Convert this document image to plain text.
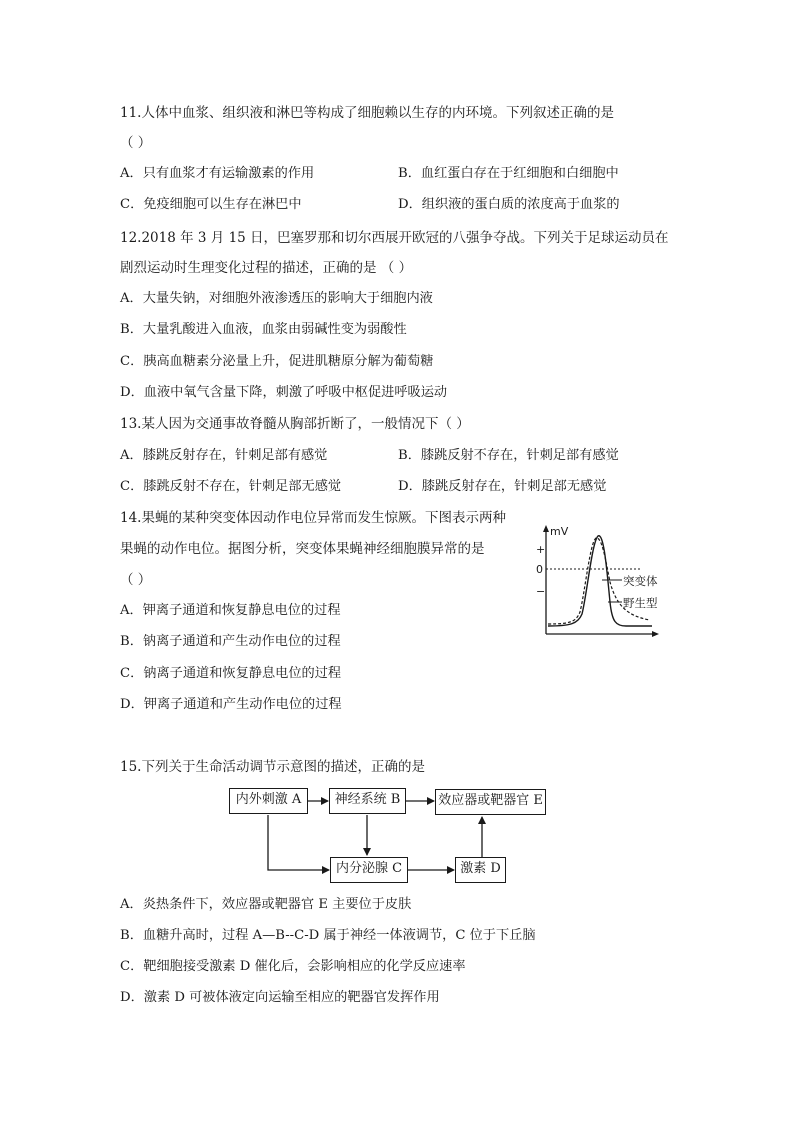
11.人体中血浆、组织液和淋巴等构成了细胞赖以生存的内环境。下列叙述正确的是
（ ）
A．只有血浆才有运输激素的作用	B．血红蛋白存在于红细胞和白细胞中
C．免疫细胞可以生存在淋巴中	D．组织液的蛋白质的浓度高于血浆的
12.2018 年 3 月 15 日，巴塞罗那和切尔西展开欧冠的八强争夺战。下列关于足球运动员在
剧烈运动时生理变化过程的描述，正确的是 （ ）
A．大量失钠，对细胞外液渗透压的影响大于细胞内液
B．大量乳酸进入血液，血浆由弱碱性变为弱酸性
C．胰高血糖素分泌量上升，促进肌糖原分解为葡萄糖
D．血液中氧气含量下降，刺激了呼吸中枢促进呼吸运动
13.某人因为交通事故脊髓从胸部折断了，一般情况下（ ）
A．膝跳反射存在，针刺足部有感觉	B．膝跳反射不存在，针刺足部有感觉
C．膝跳反射不存在，针刺足部无感觉	D．膝跳反射存在，针刺足部无感觉
14.果蝇的某种突变体因动作电位异常而发生惊厥。下图表示两种
果蝇的动作电位。据图分析，突变体果蝇神经细胞膜异常的是
（ ）
A．钾离子通道和恢复静息电位的过程
B．钠离子通道和产生动作电位的过程
C．钠离子通道和恢复静息电位的过程
D．钾离子通道和产生动作电位的过程
mV
+
0
−
突变体
野生型
15.下列关于生命活动调节示意图的描述，正确的是
内外刺激 A	神经系统 B	效应器或靶器官 E
内分泌腺 C	激素 D
A．炎热条件下，效应器或靶器官 E 主要位于皮肤
B．血糖升高时，过程 A—B--C-D 属于神经一体液调节，C 位于下丘脑
C．靶细胞接受激素 D 催化后，会影响相应的化学反应速率
D．激素 D 可被体液定向运输至相应的靶器官发挥作用
